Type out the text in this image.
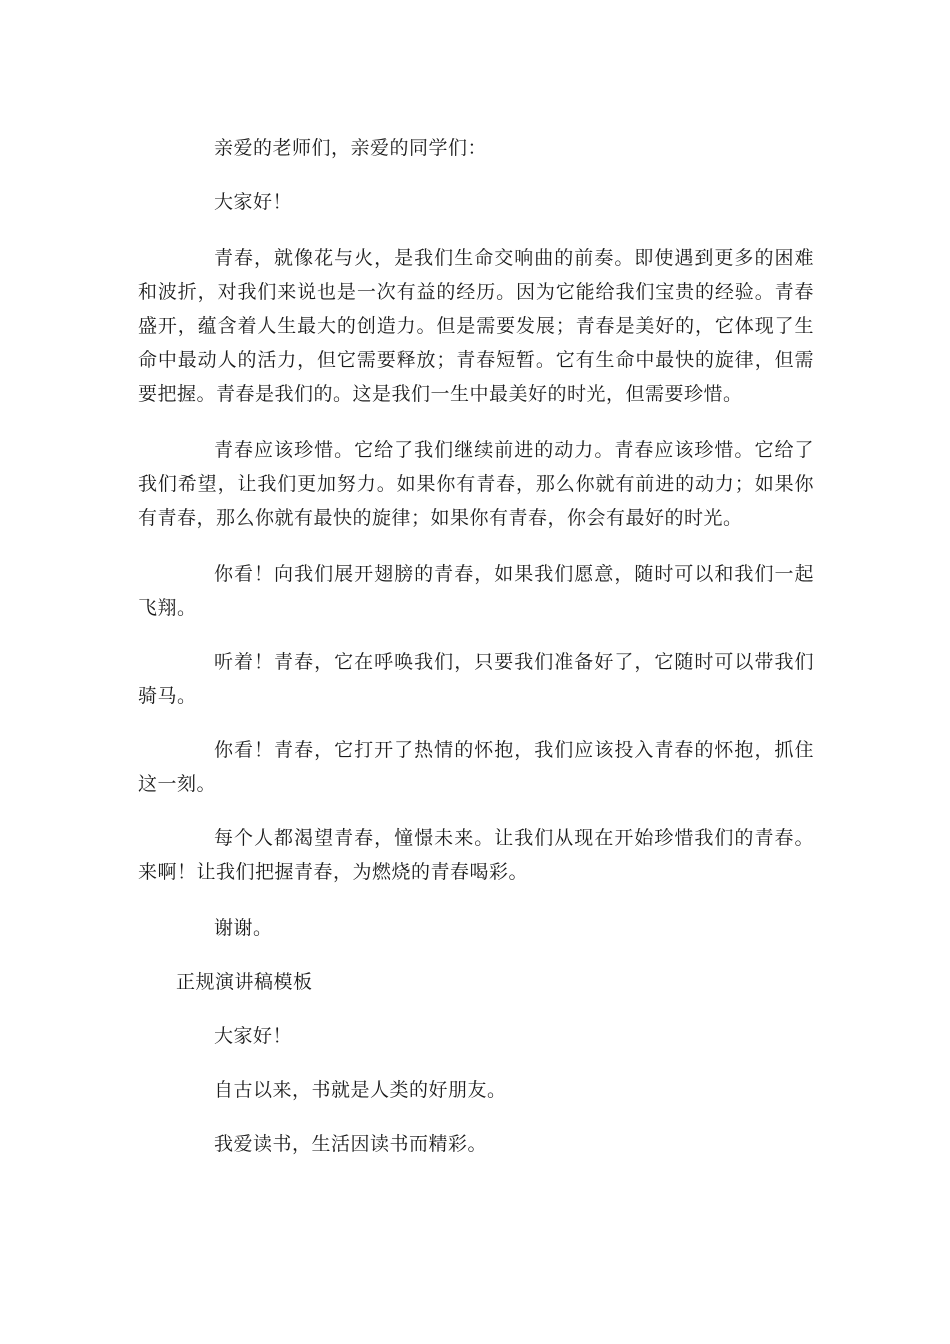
亲爱的老师们，亲爱的同学们：

大家好！

青春，就像花与火，是我们生命交响曲的前奏。即使遇到更多的困难和波折，对我们来说也是一次有益的经历。因为它能给我们宝贵的经验。青春盛开，蕴含着人生最大的创造力。但是需要发展；青春是美好的，它体现了生命中最动人的活力，但它需要释放；青春短暂。它有生命中最快的旋律，但需要把握。青春是我们的。这是我们一生中最美好的时光，但需要珍惜。

青春应该珍惜。它给了我们继续前进的动力。青春应该珍惜。它给了我们希望，让我们更加努力。如果你有青春，那么你就有前进的动力；如果你有青春，那么你就有最快的旋律；如果你有青春，你会有最好的时光。

你看！向我们展开翅膀的青春，如果我们愿意，随时可以和我们一起飞翔。

听着！青春，它在呼唤我们，只要我们准备好了，它随时可以带我们骑马。

你看！青春，它打开了热情的怀抱，我们应该投入青春的怀抱，抓住这一刻。

每个人都渴望青春，憧憬未来。让我们从现在开始珍惜我们的青春。来啊！让我们把握青春，为燃烧的青春喝彩。

谢谢。

正规演讲稿模板

大家好！

自古以来，书就是人类的好朋友。

我爱读书，生活因读书而精彩。
